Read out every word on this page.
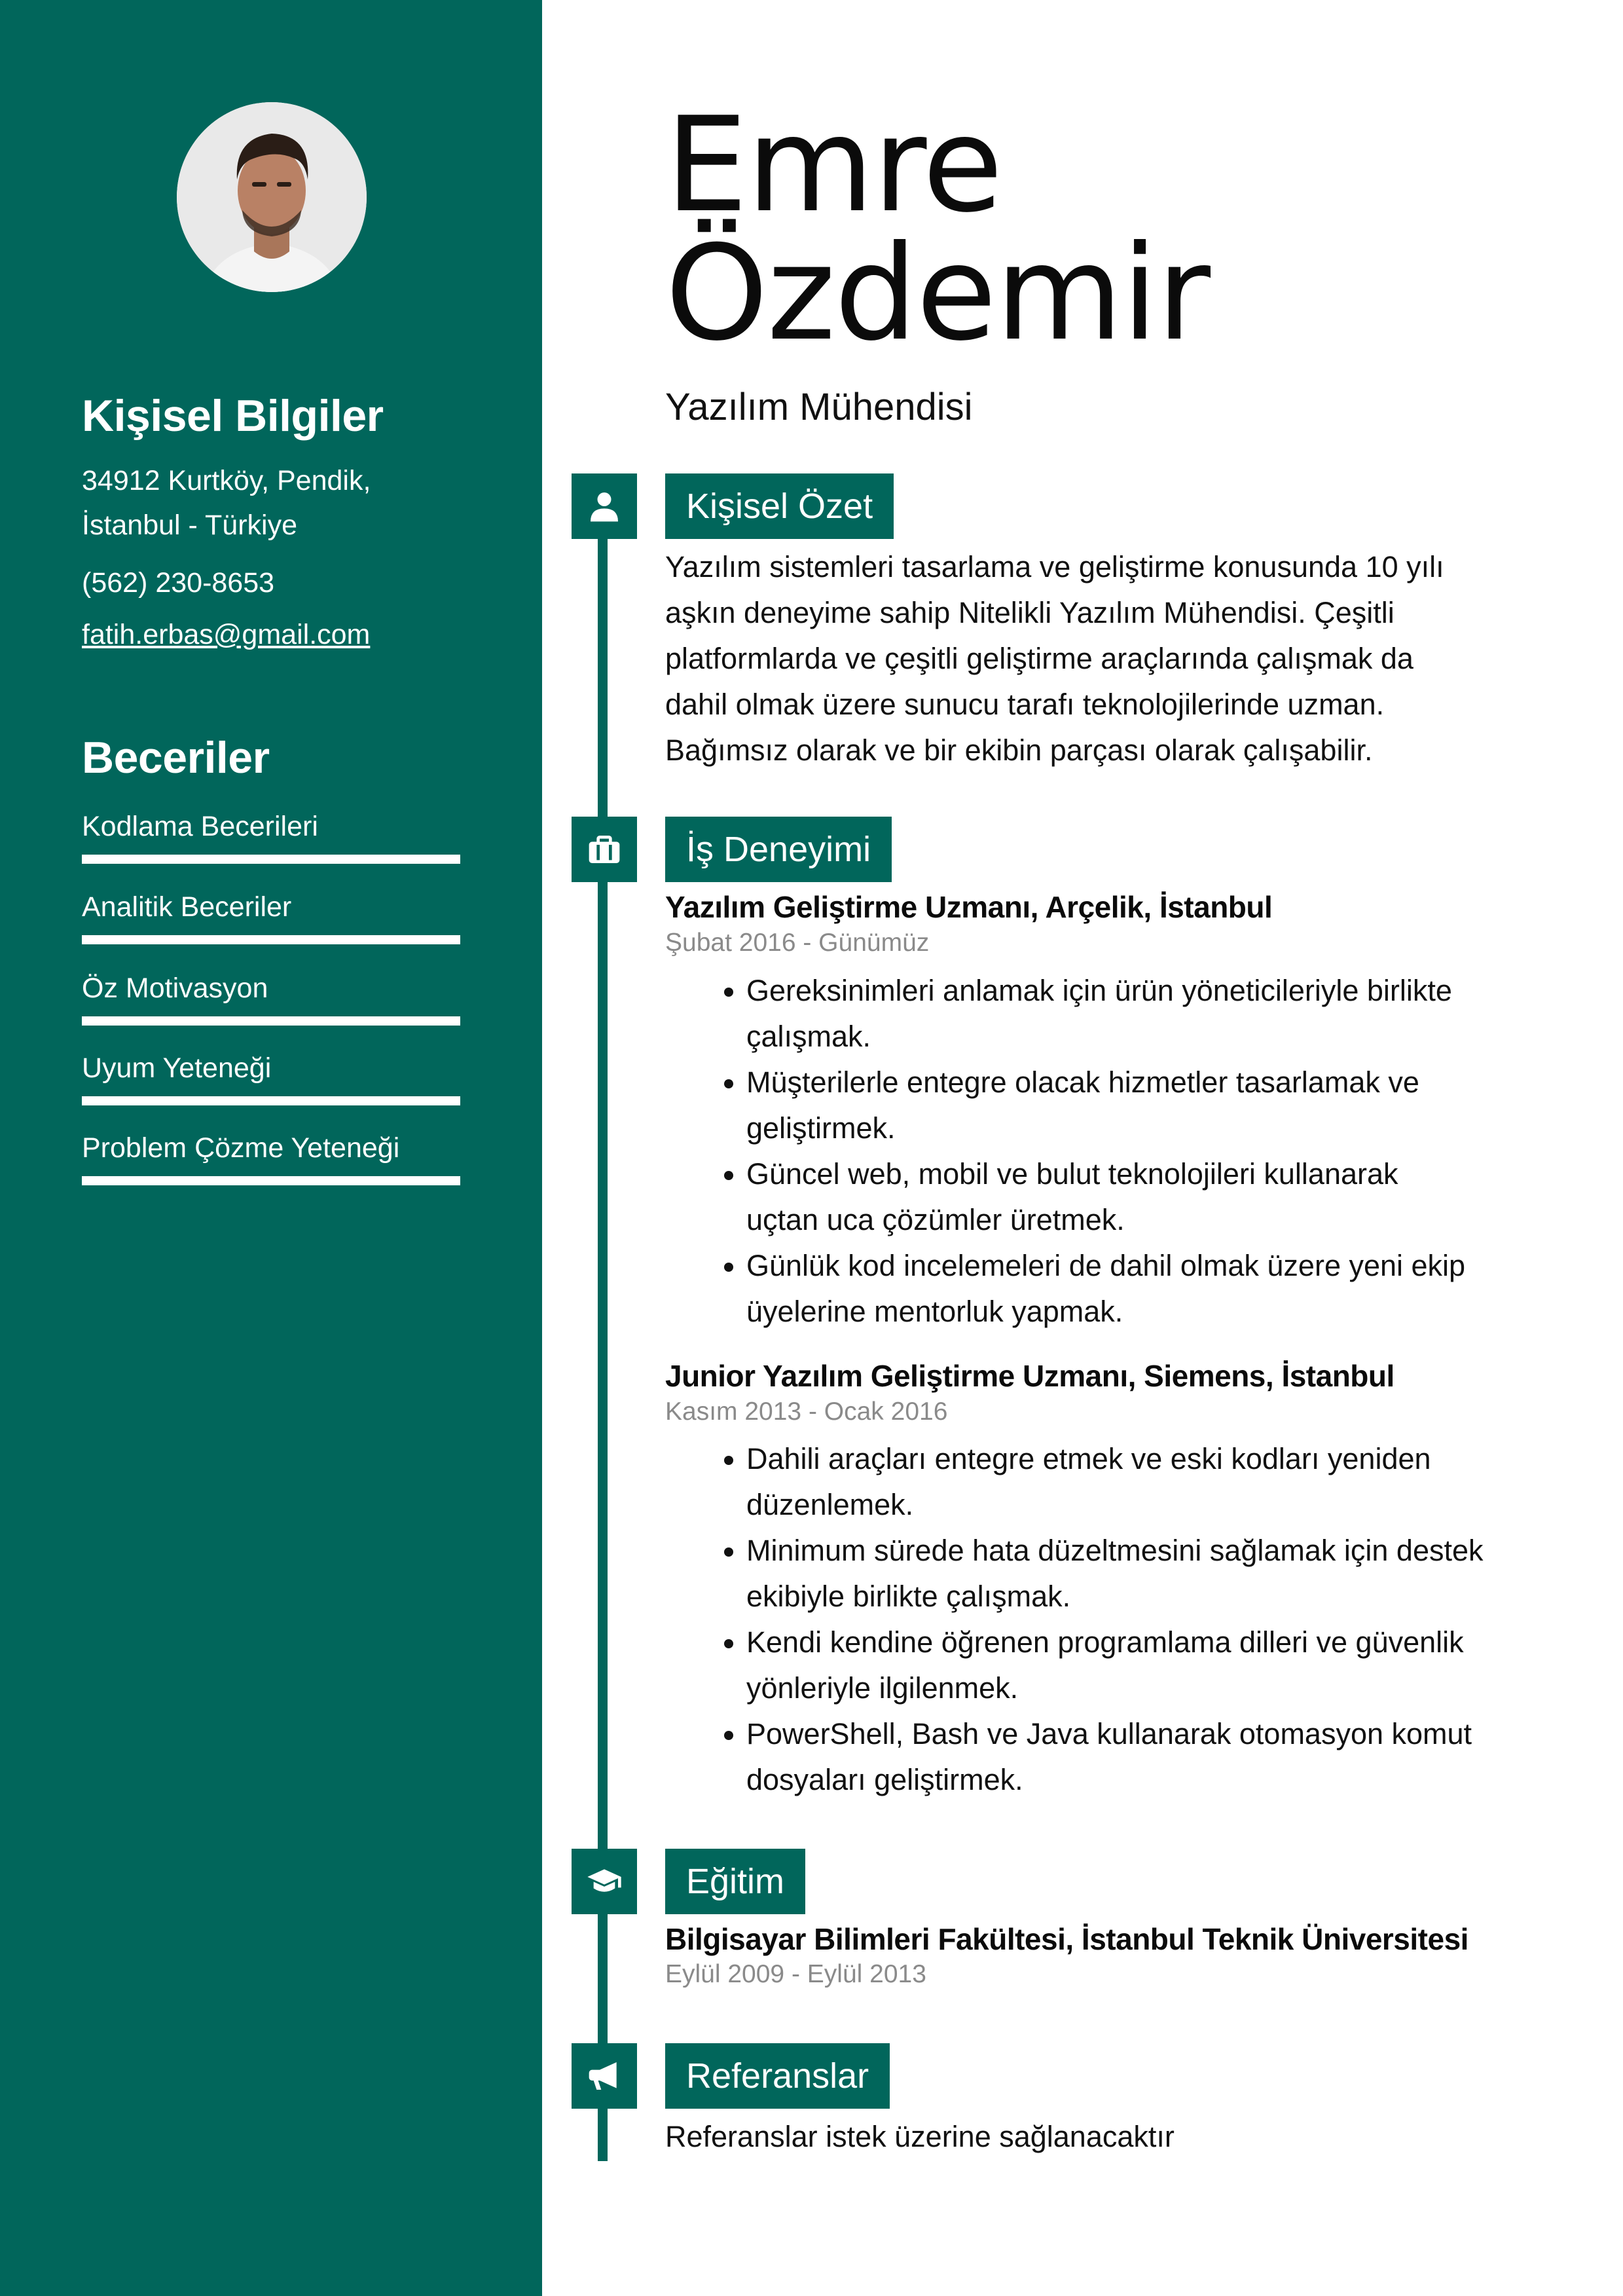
Kişisel Bilgiler
34912 Kurtköy, Pendik,
İstanbul - Türkiye
(562) 230-8653
fatih.erbas@gmail.com
Beceriler
Kodlama Becerileri
Analitik Beceriler
Öz Motivasyon
Uyum Yeteneği
Problem Çözme Yeteneği
Emre
Özdemir
Yazılım Mühendisi
Kişisel Özet

Yazılım sistemleri tasarlama ve geliştirme konusunda 10 yılı
aşkın deneyime sahip Nitelikli Yazılım Mühendisi. Çeşitli
platformlarda ve çeşitli geliştirme araçlarında çalışmak da
dahil olmak üzere sunucu tarafı teknolojilerinde uzman.
Bağımsız olarak ve bir ekibin parçası olarak çalışabilir.

İş Deneyimi
Yazılım Geliştirme Uzmanı, Arçelik, İstanbul
Şubat 2016 - Günümüz
• Gereksinimleri anlamak için ürün yöneticileriyle birlikte
çalışmak.
• Müşterilerle entegre olacak hizmetler tasarlamak ve
geliştirmek.
• Güncel web, mobil ve bulut teknolojileri kullanarak
uçtan uca çözümler üretmek.
• Günlük kod incelemeleri de dahil olmak üzere yeni ekip
üyelerine mentorluk yapmak.
Junior Yazılım Geliştirme Uzmanı, Siemens, İstanbul
Kasım 2013 - Ocak 2016
• Dahili araçları entegre etmek ve eski kodları yeniden
düzenlemek.
• Minimum sürede hata düzeltmesini sağlamak için destek
ekibiyle birlikte çalışmak.
• Kendi kendine öğrenen programlama dilleri ve güvenlik
yönleriyle ilgilenmek.
• PowerShell, Bash ve Java kullanarak otomasyon komut
dosyaları geliştirmek.
Eğitim
Bilgisayar Bilimleri Fakültesi, İstanbul Teknik Üniversitesi
Eylül 2009 - Eylül 2013
Referanslar

Referanslar istek üzerine sağlanacaktır
